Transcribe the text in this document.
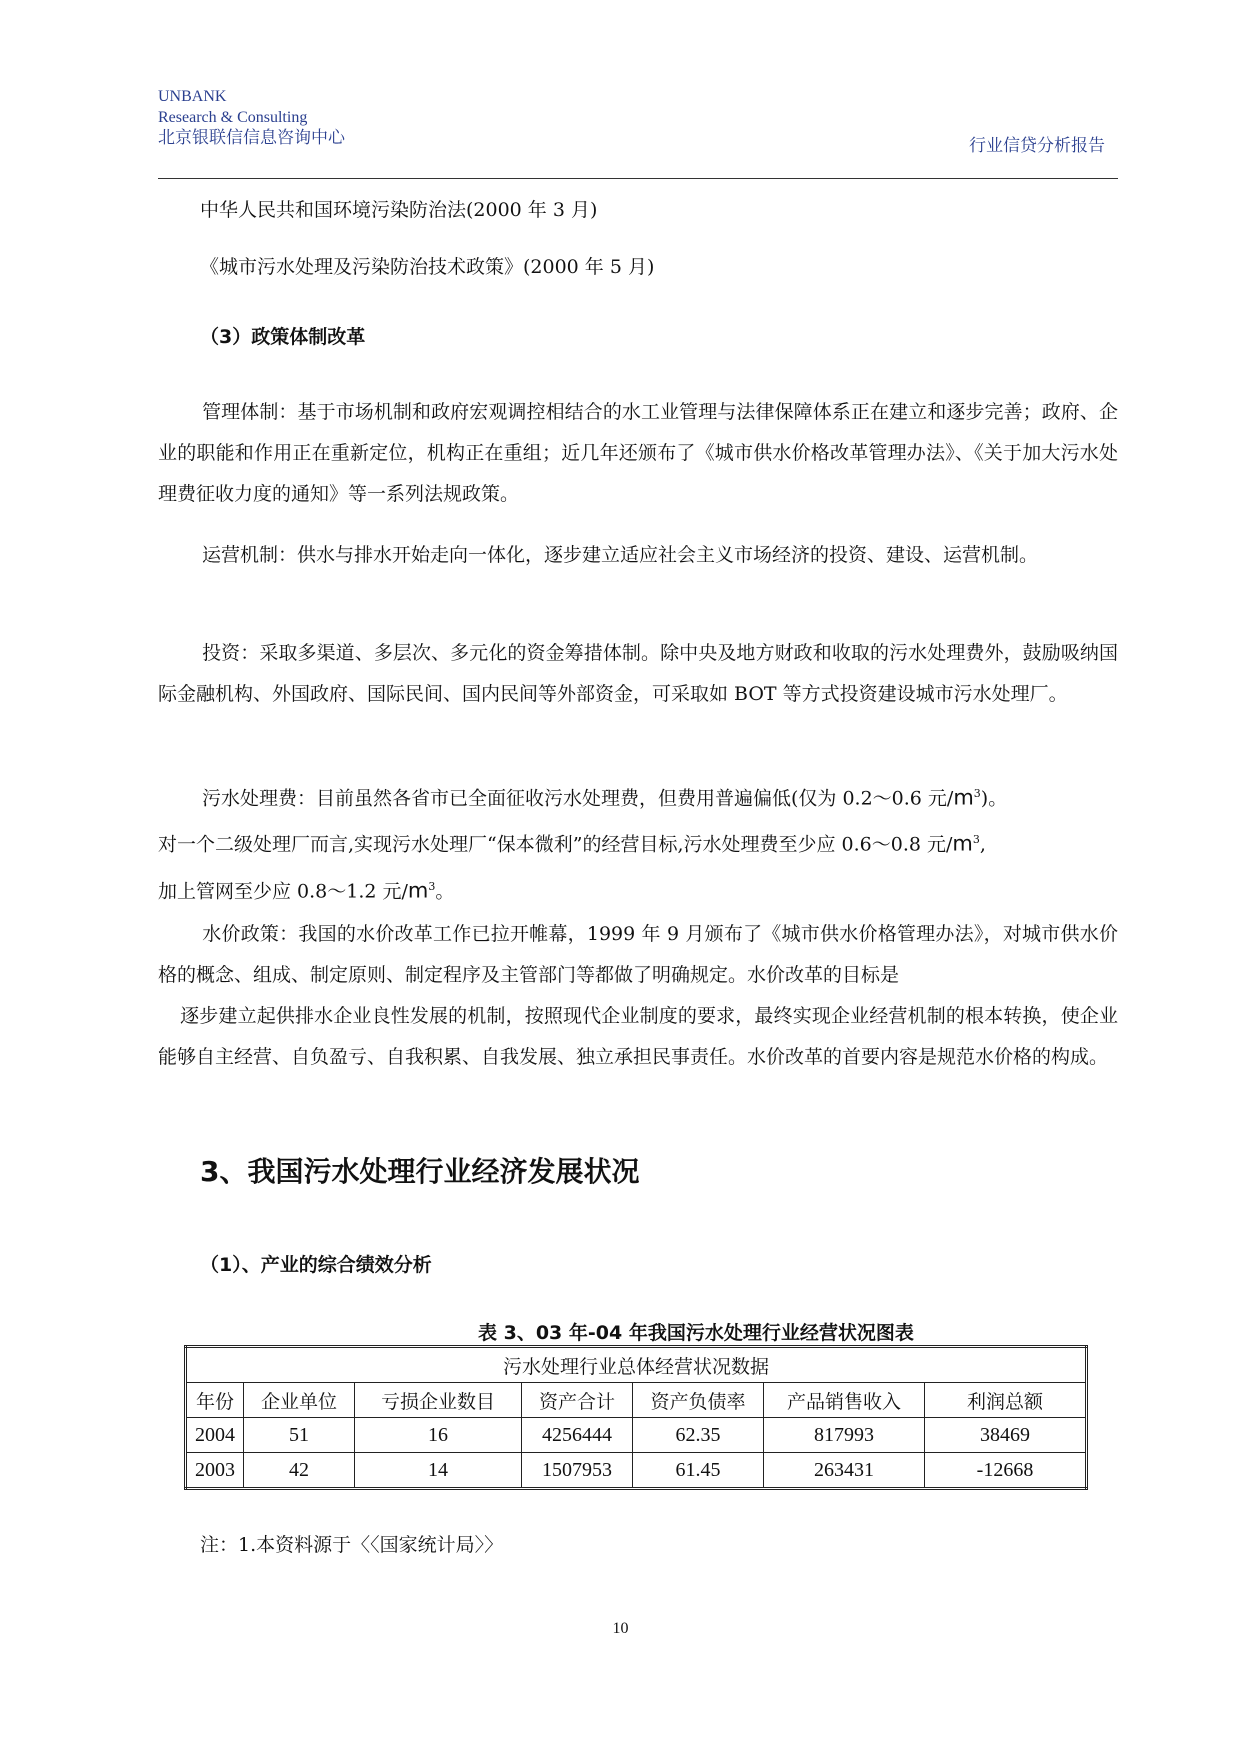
UNBANK
Research & Consulting
北京银联信信息咨询中心	行业信贷分析报告
中华人民共和国环境污染防治法(2000 年 3 月)
《城市污水处理及污染防治技术政策》(2000 年 5 月)
（3）政策体制改革
管理体制：基于市场机制和政府宏观调控相结合的水工业管理与法律保障体系正在建立和逐步完善；政府、企业的职能和作用正在重新定位，机构正在重组；近几年还颁布了《城市供水价格改革管理办法》、《关于加大污水处理费征收力度的通知》等一系列法规政策。
运营机制：供水与排水开始走向一体化，逐步建立适应社会主义市场经济的投资、建设、运营机制。
投资：采取多渠道、多层次、多元化的资金筹措体制。除中央及地方财政和收取的污水处理费外，鼓励吸纳国际金融机构、外国政府、国际民间、国内民间等外部资金，可采取如 BOT 等方式投资建设城市污水处理厂。
污水处理费：目前虽然各省市已全面征收污水处理费，但费用普遍偏低(仅为 0.2～0.6 元$/m^3$)。
对一个二级处理厂而言,实现污水处理厂“保本微利”的经营目标,污水处理费至少应 0.6～0.8 元$/m^3$,
加上管网至少应 0.8～1.2 元$/m^3$。
水价政策：我国的水价改革工作已拉开帷幕，1999 年 9 月颁布了《城市供水价格管理办法》，对城市供水价格的概念、组成、制定原则、制定程序及主管部门等都做了明确规定。水价改革的目标是
逐步建立起供排水企业良性发展的机制，按照现代企业制度的要求，最终实现企业经营机制的根本转换，使企业能够自主经营、自负盈亏、自我积累、自我发展、独立承担民事责任。水价改革的首要内容是规范水价格的构成。
3、我国污水处理行业经济发展状况
（1）、产业的综合绩效分析
表 3、03 年-04 年我国污水处理行业经营状况图表
污水处理行业总体经营状况数据						
年份	企业单位	亏损企业数目	资产合计	资产负债率	产品销售收入	利润总额
2004	51	16	4256444	62.35	817993	38469
2003	42	14	1507953	61.45	263431	-12668
注：1.本资料源于〈〈国家统计局〉〉
10
